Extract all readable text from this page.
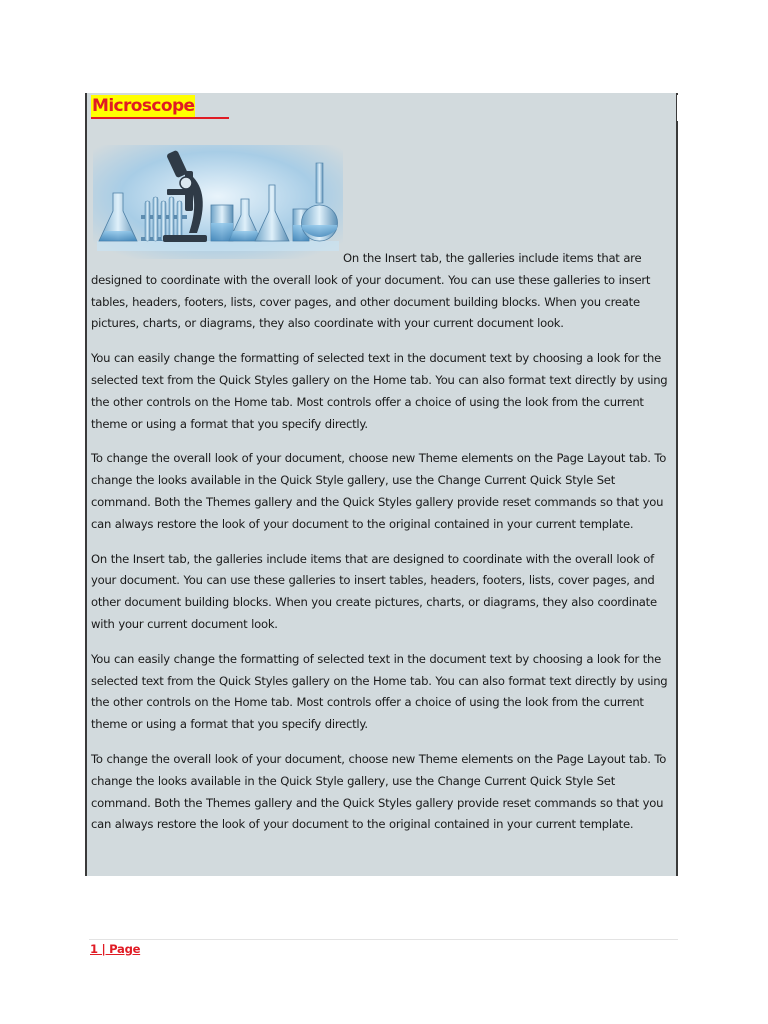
Microscope

On the Insert tab, the galleries include items that are designed to coordinate with the overall look of your document. You can use these galleries to insert tables, headers, footers, lists, cover pages, and other document building blocks. When you create pictures, charts, or diagrams, they also coordinate with your current document look.

You can easily change the formatting of selected text in the document text by choosing a look for the selected text from the Quick Styles gallery on the Home tab. You can also format text directly by using the other controls on the Home tab. Most controls offer a choice of using the look from the current theme or using a format that you specify directly.

To change the overall look of your document, choose new Theme elements on the Page Layout tab. To change the looks available in the Quick Style gallery, use the Change Current Quick Style Set command. Both the Themes gallery and the Quick Styles gallery provide reset commands so that you can always restore the look of your document to the original contained in your current template.

On the Insert tab, the galleries include items that are designed to coordinate with the overall look of your document. You can use these galleries to insert tables, headers, footers, lists, cover pages, and other document building blocks. When you create pictures, charts, or diagrams, they also coordinate with your current document look.

You can easily change the formatting of selected text in the document text by choosing a look for the selected text from the Quick Styles gallery on the Home tab. You can also format text directly by using the other controls on the Home tab. Most controls offer a choice of using the look from the current theme or using a format that you specify directly.

To change the overall look of your document, choose new Theme elements on the Page Layout tab. To change the looks available in the Quick Style gallery, use the Change Current Quick Style Set command. Both the Themes gallery and the Quick Styles gallery provide reset commands so that you can always restore the look of your document to the original contained in your current template.

1 | Page
